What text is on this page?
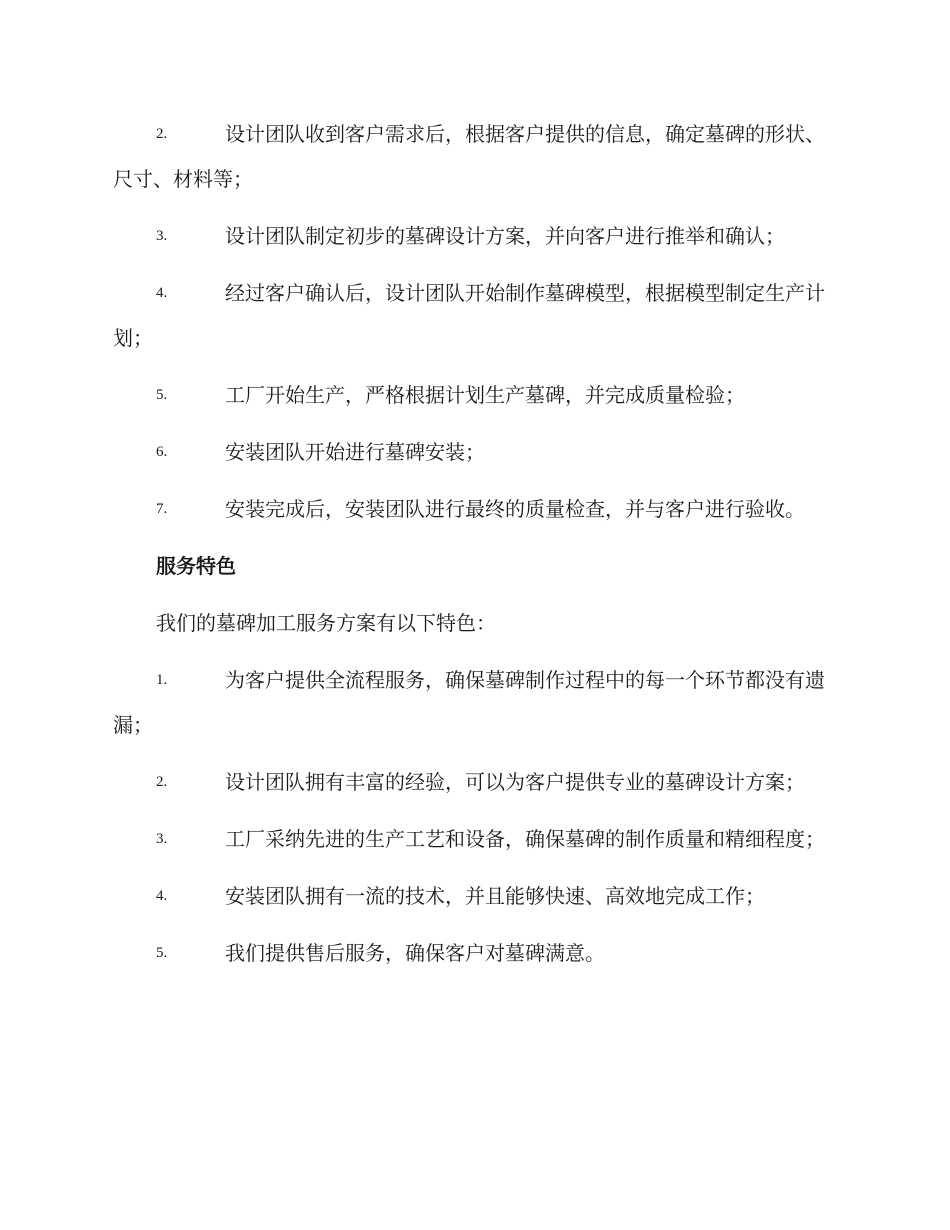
2.	设计团队收到客户需求后，根据客户提供的信息，确定墓碑的形状、尺寸、材料等；
3.	设计团队制定初步的墓碑设计方案，并向客户进行推举和确认；
4.	经过客户确认后，设计团队开始制作墓碑模型，根据模型制定生产计划；
5.	工厂开始生产，严格根据计划生产墓碑，并完成质量检验；
6.	安装团队开始进行墓碑安装；
7.	安装完成后，安装团队进行最终的质量检查，并与客户进行验收。
服务特色
我们的墓碑加工服务方案有以下特色：
1.	为客户提供全流程服务，确保墓碑制作过程中的每一个环节都没有遗漏；
2.	设计团队拥有丰富的经验，可以为客户提供专业的墓碑设计方案；
3.	工厂采纳先进的生产工艺和设备，确保墓碑的制作质量和精细程度；
4.	安装团队拥有一流的技术，并且能够快速、高效地完成工作；
5.	我们提供售后服务，确保客户对墓碑满意。
